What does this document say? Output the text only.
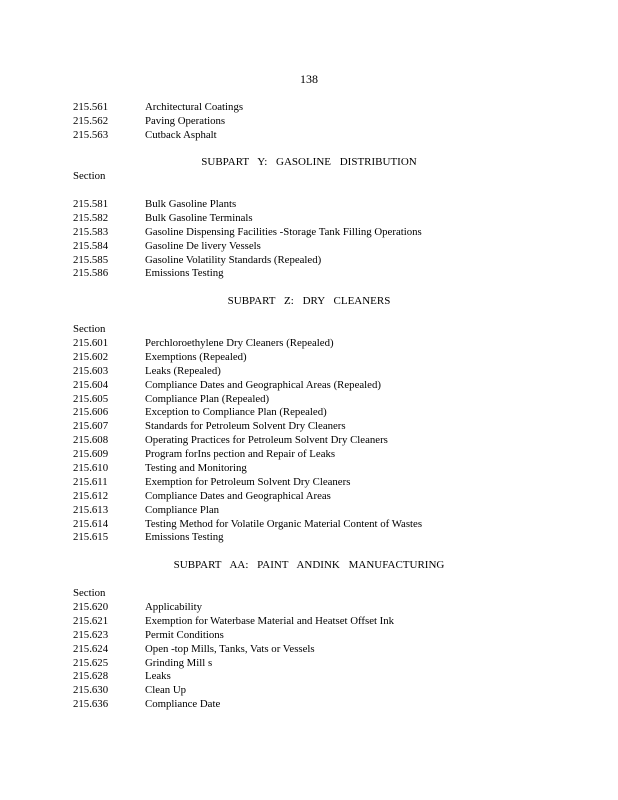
138
215.561	Architectural Coatings
215.562	Paving Operations
215.563	Cutback Asphalt
SUBPART Y: GASOLINE DISTRIBUTION
Section
215.581	Bulk Gasoline Plants
215.582	Bulk Gasoline Terminals
215.583	Gasoline Dispensing Facilities -Storage Tank Filling Operations
215.584	Gasoline De livery Vessels
215.585	Gasoline Volatility Standards (Repealed)
215.586	Emissions Testing
SUBPART Z: DRY CLEANERS
Section
215.601	Perchloroethylene Dry Cleaners (Repealed)
215.602	Exemptions (Repealed)
215.603	Leaks (Repealed)
215.604	Compliance Dates and Geographical Areas (Repealed)
215.605	Compliance Plan (Repealed)
215.606	Exception to Compliance Plan (Repealed)
215.607	Standards for Petroleum Solvent Dry Cleaners
215.608	Operating Practices for Petroleum Solvent Dry Cleaners
215.609	Program forIns pection and Repair of Leaks
215.610	Testing and Monitoring
215.611	Exemption for Petroleum Solvent Dry Cleaners
215.612	Compliance Dates and Geographical Areas
215.613	Compliance Plan
215.614	Testing Method for Volatile Organic Material Content of Wastes
215.615	Emissions Testing
SUBPART AA: PAINT ANDINK MANUFACTURING
Section
215.620	Applicability
215.621	Exemption for Waterbase Material and Heatset Offset Ink
215.623	Permit Conditions
215.624	Open -top Mills, Tanks, Vats or Vessels
215.625	Grinding Mill s
215.628	Leaks
215.630	Clean Up
215.636	Compliance Date
